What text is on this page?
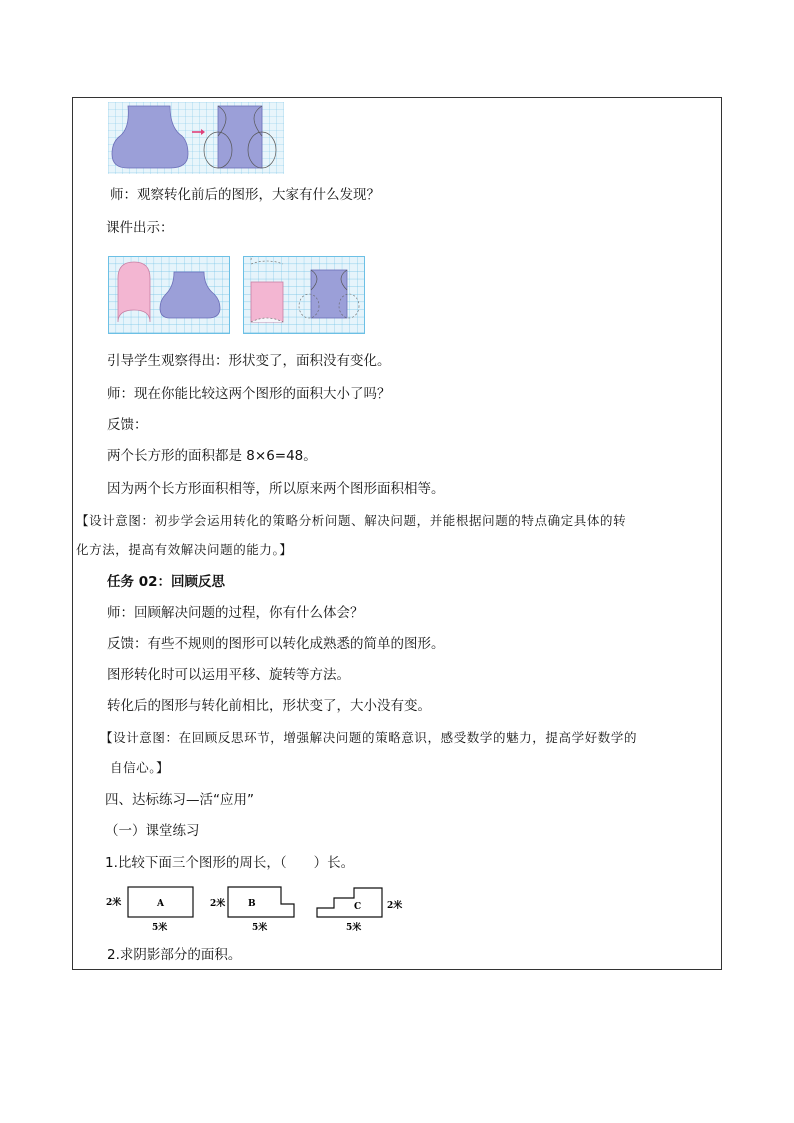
师：观察转化前后的图形，大家有什么发现？
课件出示：
引导学生观察得出：形状变了，面积没有变化。
师：现在你能比较这两个图形的面积大小了吗？
反馈：
两个长方形的面积都是 8×6=48。
因为两个长方形面积相等，所以原来两个图形面积相等。
【设计意图：初步学会运用转化的策略分析问题、解决问题，并能根据问题的特点确定具体的转
化方法，提高有效解决问题的能力。】
任务 02：回顾反思
师：回顾解决问题的过程，你有什么体会？
反馈：有些不规则的图形可以转化成熟悉的简单的图形。
图形转化时可以运用平移、旋转等方法。
转化后的图形与转化前相比，形状变了，大小没有变。
【设计意图：在回顾反思环节，增强解决问题的策略意识，感受数学的魅力，提高学好数学的
自信心。】
四、达标练习—活“应用”
（一）课堂练习
1.比较下面三个图形的周长，（　　）长。
2米	A
5米
2米	B
5米
C	2米
5米
2.求阴影部分的面积。
